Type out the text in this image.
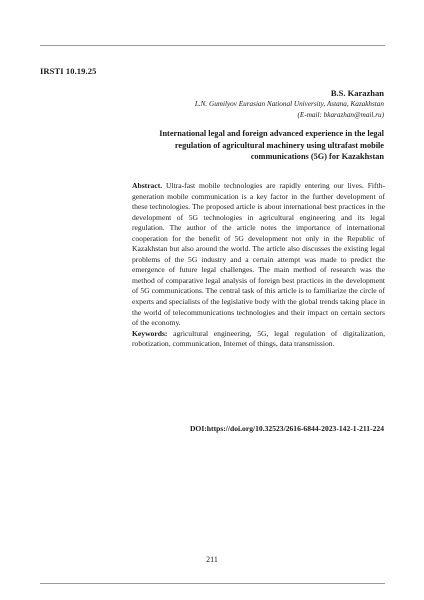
IRSTI 10.19.25
B.S. Karazhan
L.N. Gumilyov Eurasian National University, Astana, Kazakhstan
(E-mail: bkarazhan@mail.ru)
International legal and foreign advanced experience in the legal regulation of agricultural machinery using ultrafast mobile communications (5G) for Kazakhstan

Abstract. Ultra-fast mobile technologies are rapidly entering our lives. Fifth-generation mobile communication is a key factor in the further development of these technologies. The proposed article is about international best practices in the development of 5G technologies in agricultural engineering and its legal regulation. The author of the article notes the importance of international cooperation for the benefit of 5G development not only in the Republic of Kazakhstan but also around the world. The article also discusses the existing legal problems of the 5G industry and a certain attempt was made to predict the emergence of future legal challenges. The main method of research was the method of comparative legal analysis of foreign best practices in the development of 5G communications. The central task of this article is to familiarize the circle of experts and specialists of the legislative body with the global trends taking place in the world of telecommunications technologies and their impact on certain sectors of the economy.

Keywords: agricultural engineering, 5G, legal regulation of digitalization, robotization, communication, Internet of things, data transmission.

DOI:https://doi.org/10.32523/2616-6844-2023-142-1-211-224
211
